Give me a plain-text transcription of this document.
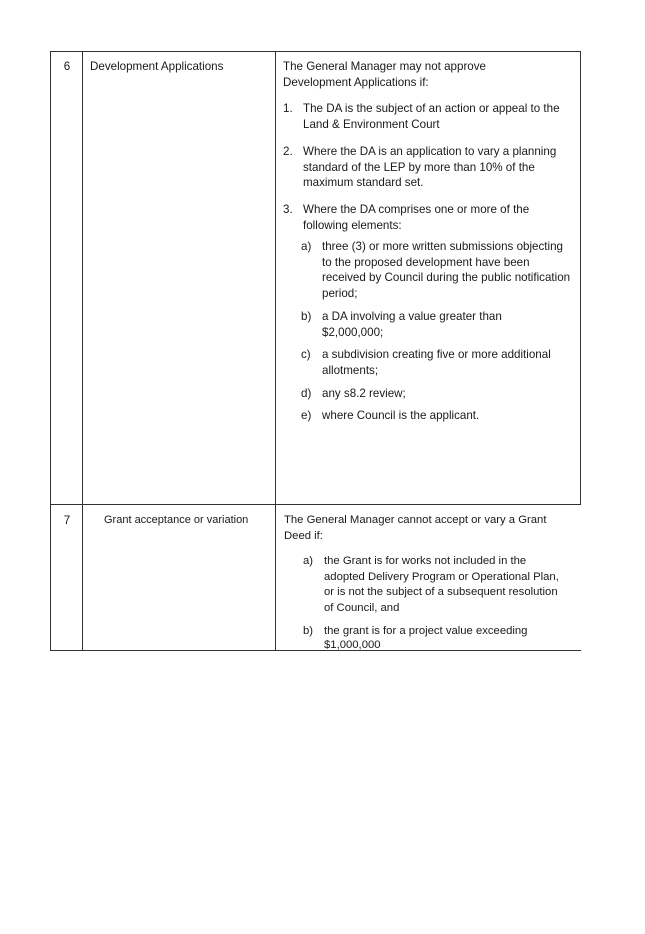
6	Development Applications	The General Manager may not approve Development Applications if:
1. The DA is the subject of an action or appeal to the Land & Environment Court
2. Where the DA is an application to vary a planning standard of the LEP by more than 10% of the maximum standard set.
3. Where the DA comprises one or more of the following elements:
a) three (3) or more written submissions objecting to the proposed development have been received by Council during the public notification period;
b) a DA involving a value greater than $2,000,000;
c) a subdivision creating five or more additional allotments;
d) any s8.2 review;
e) where Council is the applicant.
7	Grant acceptance or variation	The General Manager cannot accept or vary a Grant Deed if:
a) the Grant is for works not included in the adopted Delivery Program or Operational Plan, or is not the subject of a subsequent resolution of Council, and
b) the grant is for a project value exceeding $1,000,000
